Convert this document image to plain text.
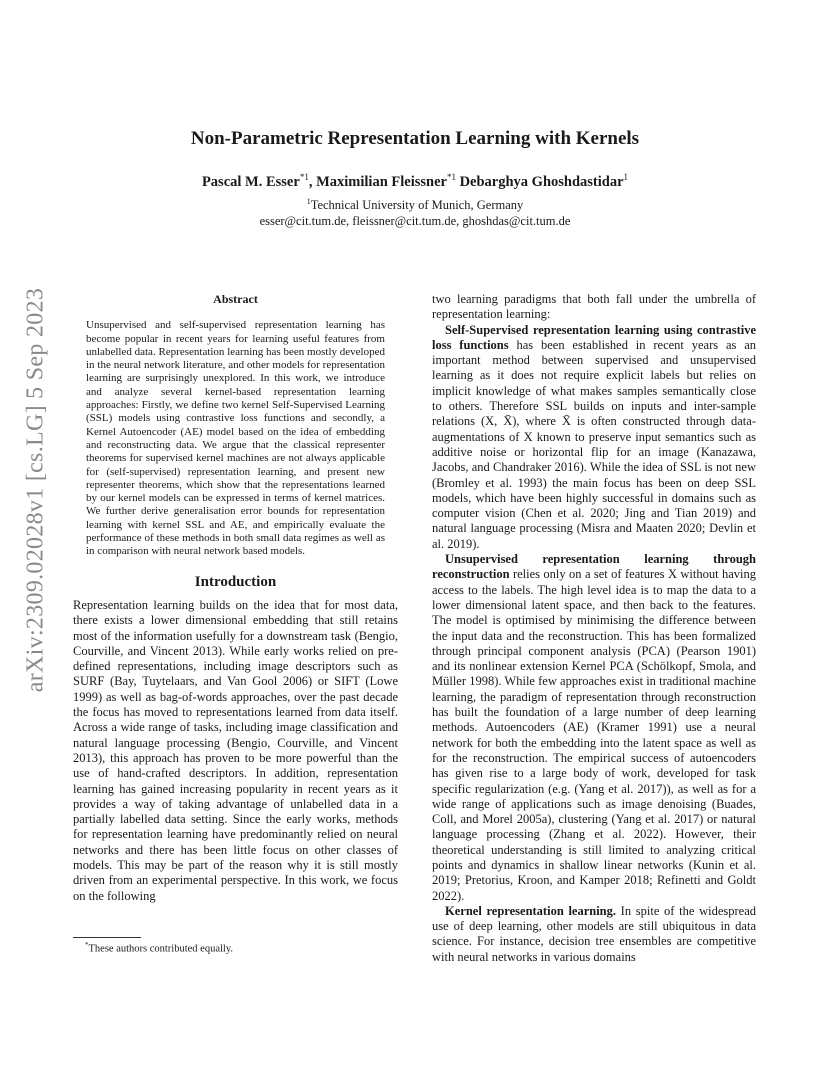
arXiv:2309.02028v1 [cs.LG] 5 Sep 2023
Non-Parametric Representation Learning with Kernels
Pascal M. Esser$^{*1}$, Maximilian Fleissner$^{*1}$ Debarghya Ghoshdastidar$^1$
$^1$Technical University of Munich, Germany
esser@cit.tum.de, fleissner@cit.tum.de, ghoshdas@cit.tum.de
Abstract

Unsupervised and self-supervised representation learning has become popular in recent years for learning useful features from unlabelled data. Representation learning has been mostly developed in the neural network literature, and other models for representation learning are surprisingly unexplored. In this work, we introduce and analyze several kernel-based representation learning approaches: Firstly, we define two kernel Self-Supervised Learning (SSL) models using contrastive loss functions and secondly, a Kernel Autoencoder (AE) model based on the idea of embedding and reconstructing data. We argue that the classical representer theorems for supervised kernel machines are not always applicable for (self-supervised) representation learning, and present new representer theorems, which show that the representations learned by our kernel models can be expressed in terms of kernel matrices. We further derive generalisation error bounds for representation learning with kernel SSL and AE, and empirically evaluate the performance of these methods in both small data regimes as well as in comparison with neural network based models.

Introduction

Representation learning builds on the idea that for most data, there exists a lower dimensional embedding that still retains most of the information usefully for a downstream task (Bengio, Courville, and Vincent 2013). While early works relied on pre-defined representations, including image descriptors such as SURF (Bay, Tuytelaars, and Van Gool 2006) or SIFT (Lowe 1999) as well as bag-of-words approaches, over the past decade the focus has moved to representations learned from data itself. Across a wide range of tasks, including image classification and natural language processing (Bengio, Courville, and Vincent 2013), this approach has proven to be more powerful than the use of hand-crafted descriptors. In addition, representation learning has gained increasing popularity in recent years as it provides a way of taking advantage of unlabelled data in a partially labelled data setting. Since the early works, methods for representation learning have predominantly relied on neural networks and there has been little focus on other classes of models. This may be part of the reason why it is still mostly driven from an experimental perspective. In this work, we focus on the following

*These authors contributed equally.

two learning paradigms that both fall under the umbrella of representation learning:

Self-Supervised representation learning using contrastive loss functions has been established in recent years as an important method between supervised and unsupervised learning as it does not require explicit labels but relies on implicit knowledge of what makes samples semantically close to others. Therefore SSL builds on inputs and inter-sample relations (X, X̄), where X̄ is often constructed through data-augmentations of X known to preserve input semantics such as additive noise or horizontal flip for an image (Kanazawa, Jacobs, and Chandraker 2016). While the idea of SSL is not new (Bromley et al. 1993) the main focus has been on deep SSL models, which have been highly successful in domains such as computer vision (Chen et al. 2020; Jing and Tian 2019) and natural language processing (Misra and Maaten 2020; Devlin et al. 2019).

Unsupervised representation learning through reconstruction relies only on a set of features X without having access to the labels. The high level idea is to map the data to a lower dimensional latent space, and then back to the features. The model is optimised by minimising the difference between the input data and the reconstruction. This has been formalized through principal component analysis (PCA) (Pearson 1901) and its nonlinear extension Kernel PCA (Schölkopf, Smola, and Müller 1998). While few approaches exist in traditional machine learning, the paradigm of representation through reconstruction has built the foundation of a large number of deep learning methods. Autoencoders (AE) (Kramer 1991) use a neural network for both the embedding into the latent space as well as for the reconstruction. The empirical success of autoencoders has given rise to a large body of work, developed for task specific regularization (e.g. (Yang et al. 2017)), as well as for a wide range of applications such as image denoising (Buades, Coll, and Morel 2005a), clustering (Yang et al. 2017) or natural language processing (Zhang et al. 2022). However, their theoretical understanding is still limited to analyzing critical points and dynamics in shallow linear networks (Kunin et al. 2019; Pretorius, Kroon, and Kamper 2018; Refinetti and Goldt 2022).

Kernel representation learning. In spite of the widespread use of deep learning, other models are still ubiquitous in data science. For instance, decision tree ensembles are competitive with neural networks in various domains
